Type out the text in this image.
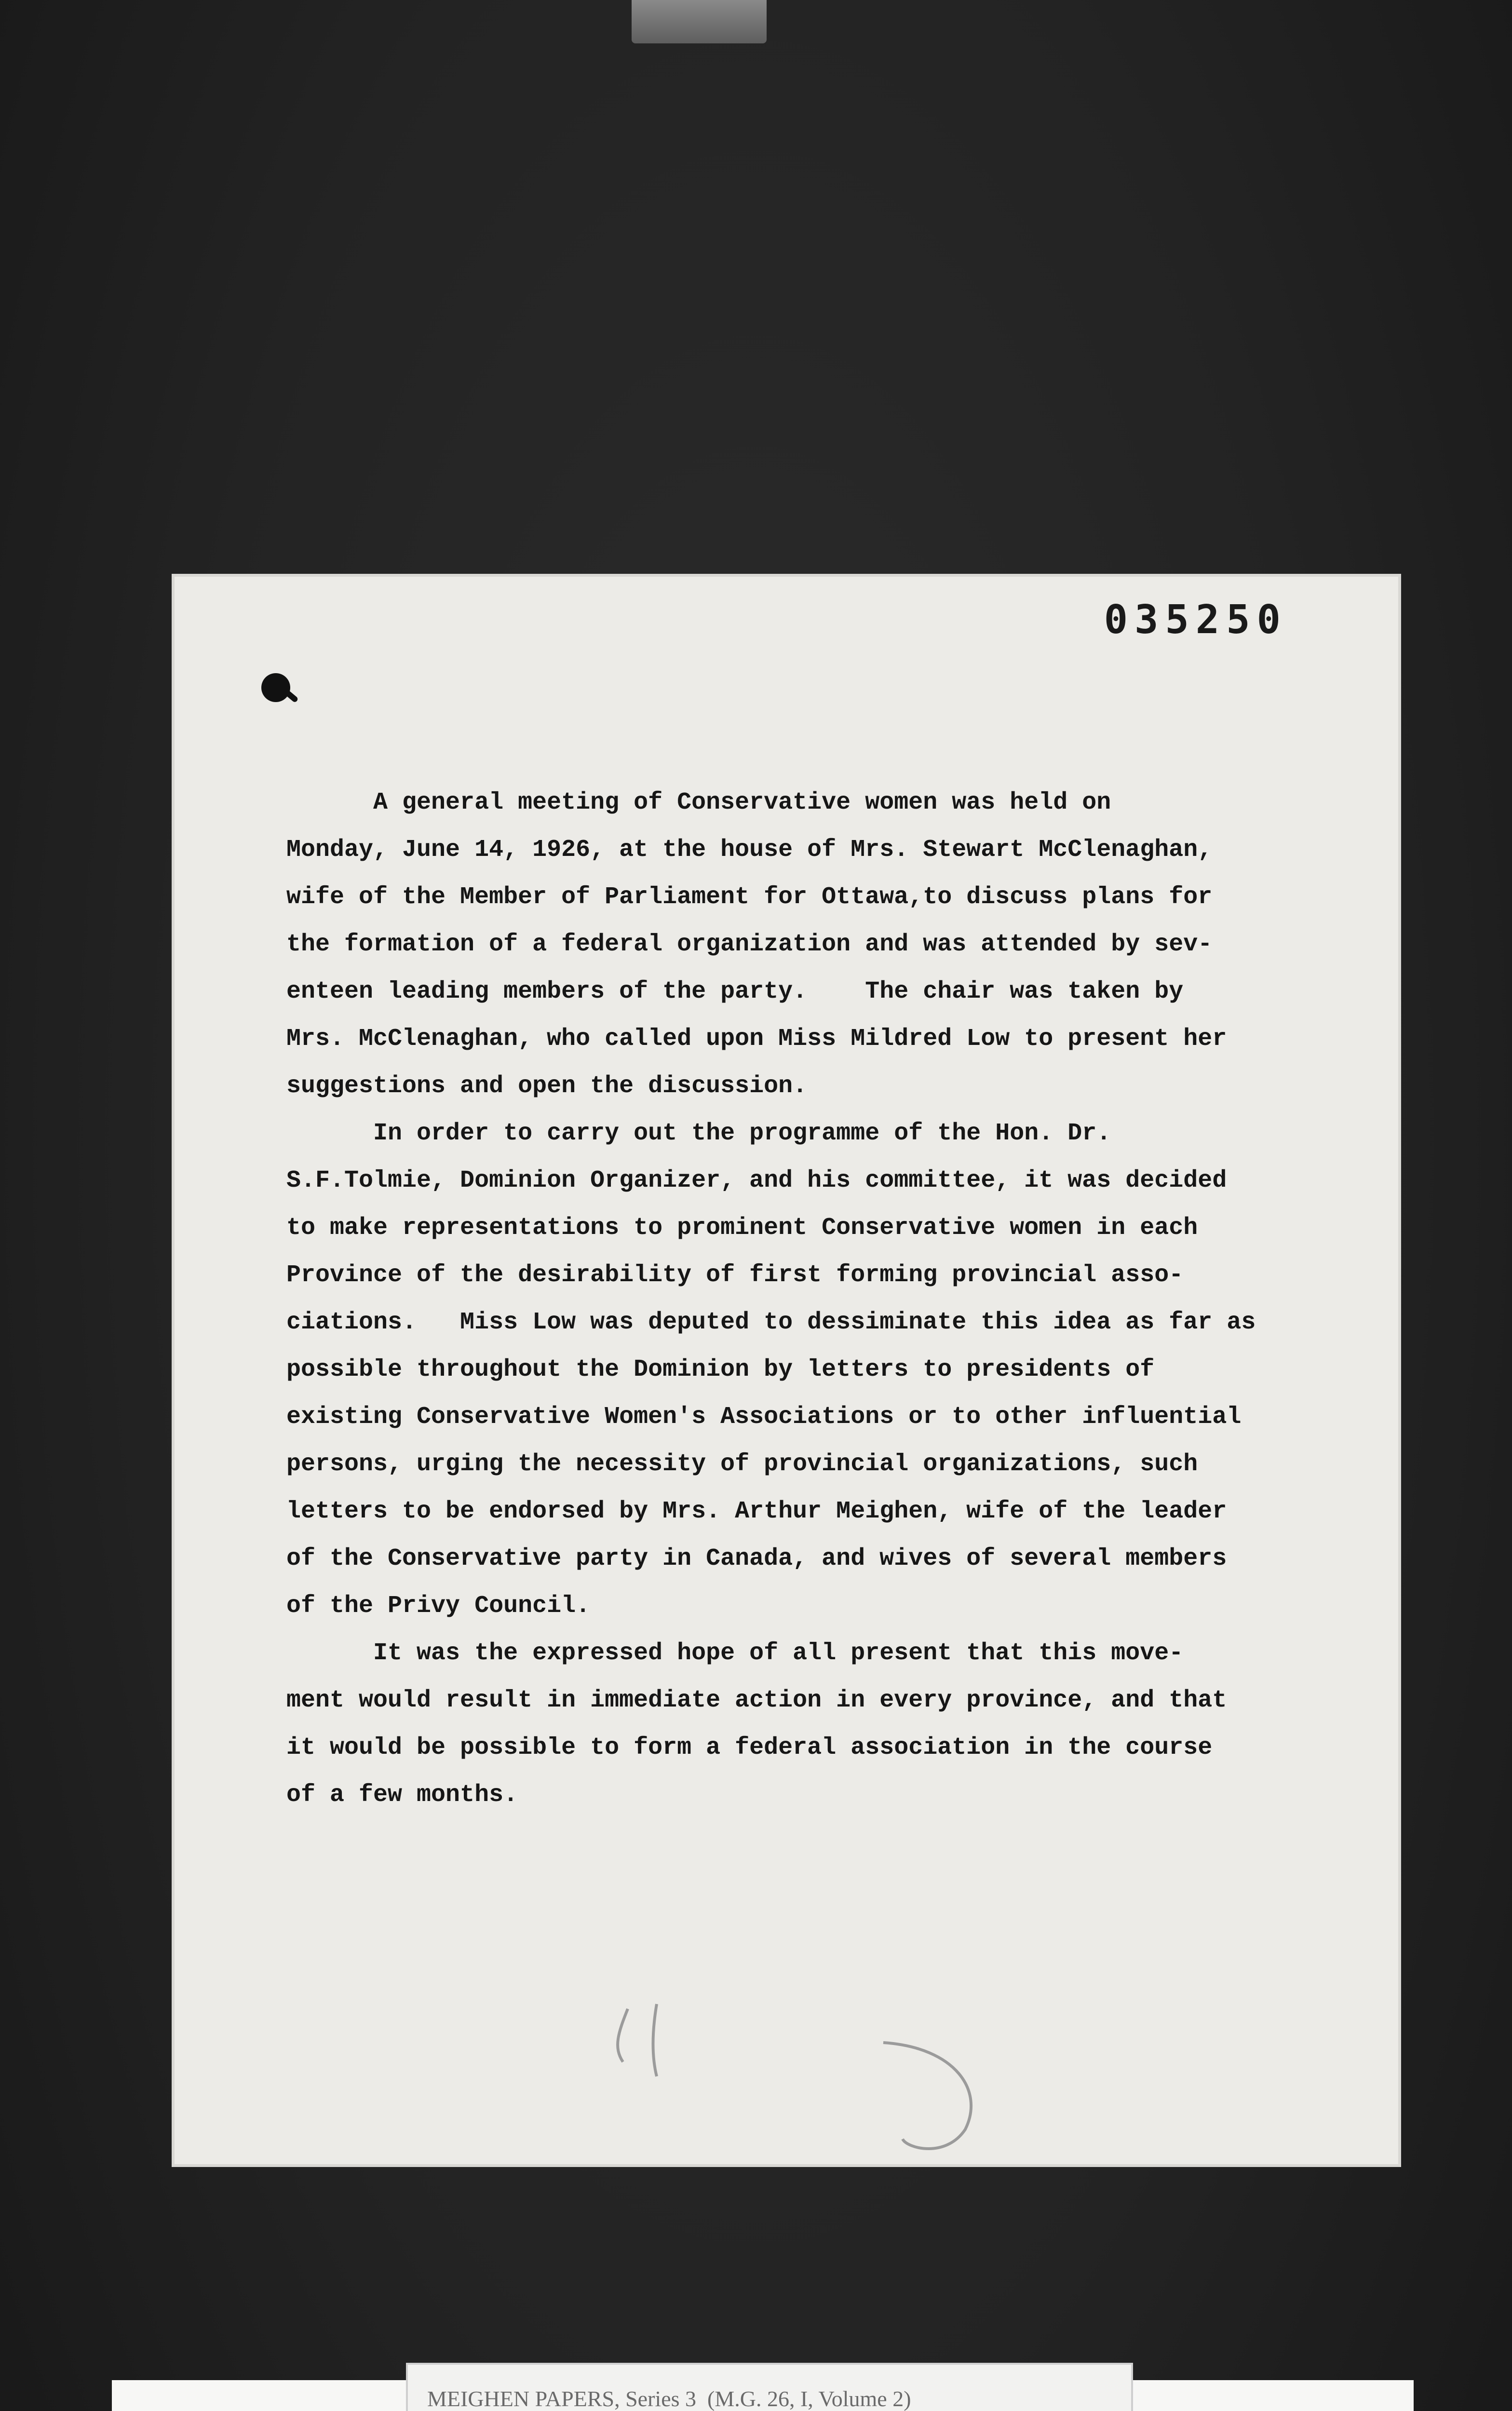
035250

A general meeting of Conservative women was held on

Monday, June 14, 1926, at the house of Mrs. Stewart McClenaghan,

wife of the Member of Parliament for Ottawa,to discuss plans for

the formation of a federal organization and was attended by sev-

enteen leading members of the party.    The chair was taken by

Mrs. McClenaghan, who called upon Miss Mildred Low to present her

suggestions and open the discussion.

In order to carry out the programme of the Hon. Dr.

S.F.Tolmie, Dominion Organizer, and his committee, it was decided

to make representations to prominent Conservative women in each

Province of the desirability of first forming provincial asso-

ciations.   Miss Low was deputed to dessiminate this idea as far as

possible throughout the Dominion by letters to presidents of

existing Conservative Women's Associations or to other influential

persons, urging the necessity of provincial organizations, such

letters to be endorsed by Mrs. Arthur Meighen, wife of the leader

of the Conservative party in Canada, and wives of several members

of the Privy Council.

It was the expressed hope of all present that this move-

ment would result in immediate action in every province, and that

it would be possible to form a federal association in the course

of a few months.

MEIGHEN PAPERS, Series 3  (M.G. 26, I, Volume 2)
